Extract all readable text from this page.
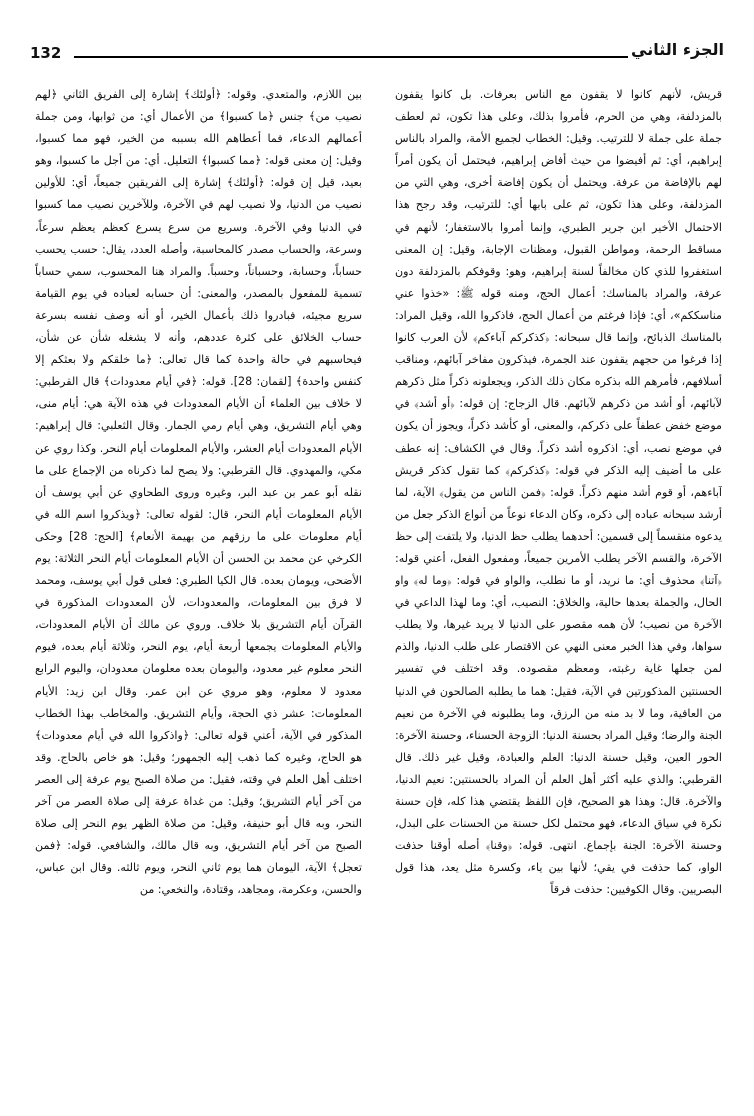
132	الجزء الثاني

قريش، لأنهم كانوا لا يقفون مع الناس بعرفات. بل كانوا يقفون بالمزدلفة، وهي من الحرم، فأمروا بذلك، وعلى هذا تكون، ثم لعطف جملة على جملة لا للترتيب. وقيل: الخطاب لجميع الأمة، والمراد بالناس إبراهيم، أي: ثم أفيضوا من حيث أفاض إبراهيم، فيحتمل أن يكون أمراً لهم بالإفاضة من عرفة. ويحتمل أن يكون إفاضة أخرى، وهي التي من المزدلفة، وعلى هذا تكون، ثم على بابها أي: للترتيب، وقد رجح هذا الاحتمال الأخير ابن جرير الطبري، وإنما أمروا بالاستغفار؛ لأنهم في مساقط الرحمة، ومواطن القبول، ومظنات الإجابة، وقيل: إن المعنى استغفروا للذي كان مخالفاً لسنة إبراهيم، وهو: وقوفكم بالمزدلفة دون عرفة، والمراد بالمناسك: أعمال الحج، ومنه قوله ﷺ: «خذوا عني مناسككم»، أي: فإذا فرغتم من أعمال الحج، فاذكروا الله، وقيل المراد: بالمناسك الذبائح، وإنما قال سبحانه: ﴿كذكركم آباءكم﴾ لأن العرب كانوا إذا فرغوا من حجهم يقفون عند الجمرة، فيذكرون مفاخر آبائهم، ومناقب أسلافهم، فأمرهم الله بذكره مكان ذلك الذكر، ويجعلونه ذكراً مثل ذكرهم لآبائهم، أو أشد من ذكرهم لآبائهم. قال الزجاج: إن قوله: ﴿أو أشد﴾ في موضع خفض عطفاً على ذكركم، والمعنى، أو كأشد ذكراً، ويجوز أن يكون في موضع نصب، أي: اذكروه أشد ذكراً. وقال في الكشاف: إنه عطف على ما أضيف إليه الذكر في قوله: ﴿كذكركم﴾ كما تقول كذكر قريش آباءهم، أو قوم أشد منهم ذكراً. قوله: ﴿فمن الناس من يقول﴾ الآية، لما أرشد سبحانه عباده إلى ذكره، وكان الدعاء نوعاً من أنواع الذكر جعل من يدعوه منقسماً إلى قسمين: أحدهما يطلب حظ الدنيا، ولا يلتفت إلى حظ الآخرة، والقسم الآخر يطلب الأمرين جميعاً، ومفعول الفعل، أعني قوله: ﴿آتنا﴾ محذوف أي: ما نريد، أو ما نطلب، والواو في قوله: ﴿وما له﴾ واو الحال، والجملة بعدها حالية، والخلاق: النصيب، أي: وما لهذا الداعي في الآخرة من نصيب؛ لأن همه مقصور على الدنيا لا يريد غيرها، ولا يطلب سواها، وفي هذا الخبر معنى النهي عن الاقتصار على طلب الدنيا، والذم لمن جعلها غاية رغبته، ومعظم مقصوده. وقد اختلف في تفسير الحسنتين المذكورتين في الآية، فقيل: هما ما يطلبه الصالحون في الدنيا من العافية، وما لا بد منه من الرزق، وما يطلبونه في الآخرة من نعيم الجنة والرضا؛ وقيل المراد بحسنة الدنيا: الزوجة الحسناء، وحسنة الآخرة: الحور العين، وقيل حسنة الدنيا: العلم والعبادة، وقيل غير ذلك. قال القرطبي: والذي عليه أكثر أهل العلم أن المراد بالحسنتين: نعيم الدنيا، والآخرة. قال: وهذا هو الصحيح، فإن اللفظ يقتضي هذا كله، فإن حسنة نكرة في سياق الدعاء، فهو محتمل لكل حسنة من الحسنات على البدل، وحسنة الآخرة: الجنة بإجماع. انتهى. قوله: ﴿وقنا﴾ أصله أوقنا حذفت الواو، كما حذفت في يقي؛ لأنها بين ياء، وكسرة مثل يعد، هذا قول البصريين. وقال الكوفيين: حذفت فرقاً

بين اللازم، والمتعدي. وقوله: ﴿أولئك﴾ إشارة إلى الفريق الثاني ﴿لهم نصيب من﴾ جنس ﴿ما كسبوا﴾ من الأعمال أي: من ثوابها، ومن جملة أعمالهم الدعاء، فما أعطاهم الله بسببه من الخير، فهو مما كسبوا، وقيل: إن معنى قوله: ﴿مما كسبوا﴾ التعليل. أي: من أجل ما كسبوا، وهو بعيد، قيل إن قوله: ﴿أولئك﴾ إشارة إلى الفريقين جميعاً، أي: للأولين نصيب من الدنيا، ولا نصيب لهم في الآخرة، وللآخرين نصيب مما كسبوا في الدنيا وفي الآخرة. وسريع من سرع يسرع كعظم يعظم سرعاً، وسرعة، والحساب مصدر كالمحاسبة، وأصله العدد، يقال: حسب يحسب حساباً، وحسابة، وحسباناً، وحسباً. والمراد هنا المحسوب، سمي حساباً تسمية للمفعول بالمصدر، والمعنى: أن حسابه لعباده في يوم القيامة سريع مجيئه، فبادروا ذلك بأعمال الخير، أو أنه وصف نفسه بسرعة حساب الخلائق على كثرة عددهم، وأنه لا يشغله شأن عن شأن، فيحاسبهم في حالة واحدة كما قال تعالى: ﴿ما خلقكم ولا بعثكم إلا كنفس واحدة﴾ [لقمان: 28]. قوله: ﴿في أيام معدودات﴾ قال القرطبي: لا خلاف بين العلماء أن الأيام المعدودات في هذه الآية هي: أيام منى، وهي أيام التشريق، وهي أيام رمي الجمار. وقال الثعلبي: قال إبراهيم: الأيام المعدودات أيام العشر، والأيام المعلومات أيام النحر. وكذا روي عن مكي، والمهدوي. قال القرطبي: ولا يصح لما ذكرناه من الإجماع على ما نقله أبو عمر بن عبد البر، وغيره وروى الطحاوي عن أبي يوسف أن الأيام المعلومات أيام النحر، قال: لقوله تعالى: ﴿ويذكروا اسم الله في أيام معلومات على ما رزقهم من بهيمة الأنعام﴾ [الحج: 28] وحكى الكرخي عن محمد بن الحسن أن الأيام المعلومات أيام النحر الثلاثة: يوم الأضحى، ويومان بعده. قال الكيا الطبري: فعلى قول أبي يوسف، ومحمد لا فرق بين المعلومات، والمعدودات، لأن المعدودات المذكورة في القرآن أيام التشريق بلا خلاف. وروي عن مالك أن الأيام المعدودات، والأيام المعلومات يجمعها أربعة أيام، يوم النحر، وثلاثة أيام بعده، فيوم النحر معلوم غير معدود، واليومان بعده معلومان معدودان، واليوم الرابع معدود لا معلوم، وهو مروي عن ابن عمر. وقال ابن زيد: الأيام المعلومات: عشر ذي الحجة، وأيام التشريق. والمخاطب بهذا الخطاب المذكور في الآية، أعني قوله تعالى: ﴿واذكروا الله في أيام معدودات﴾ هو الحاج، وغيره كما ذهب إليه الجمهور؛ وقيل: هو خاص بالحاج. وقد اختلف أهل العلم في وقته، فقيل: من صلاة الصبح يوم عرفة إلى العصر من آخر أيام التشريق؛ وقيل: من غداة عرفة إلى صلاة العصر من آخر النحر، وبه قال أبو حنيفة، وقيل: من صلاة الظهر يوم النحر إلى صلاة الصبح من آخر أيام التشريق، وبه قال مالك، والشافعي. قوله: ﴿فمن تعجل﴾ الآية، اليومان هما يوم ثاني النحر، ويوم ثالثه. وقال ابن عباس، والحسن، وعكرمة، ومجاهد، وقتادة، والنخعي: من
